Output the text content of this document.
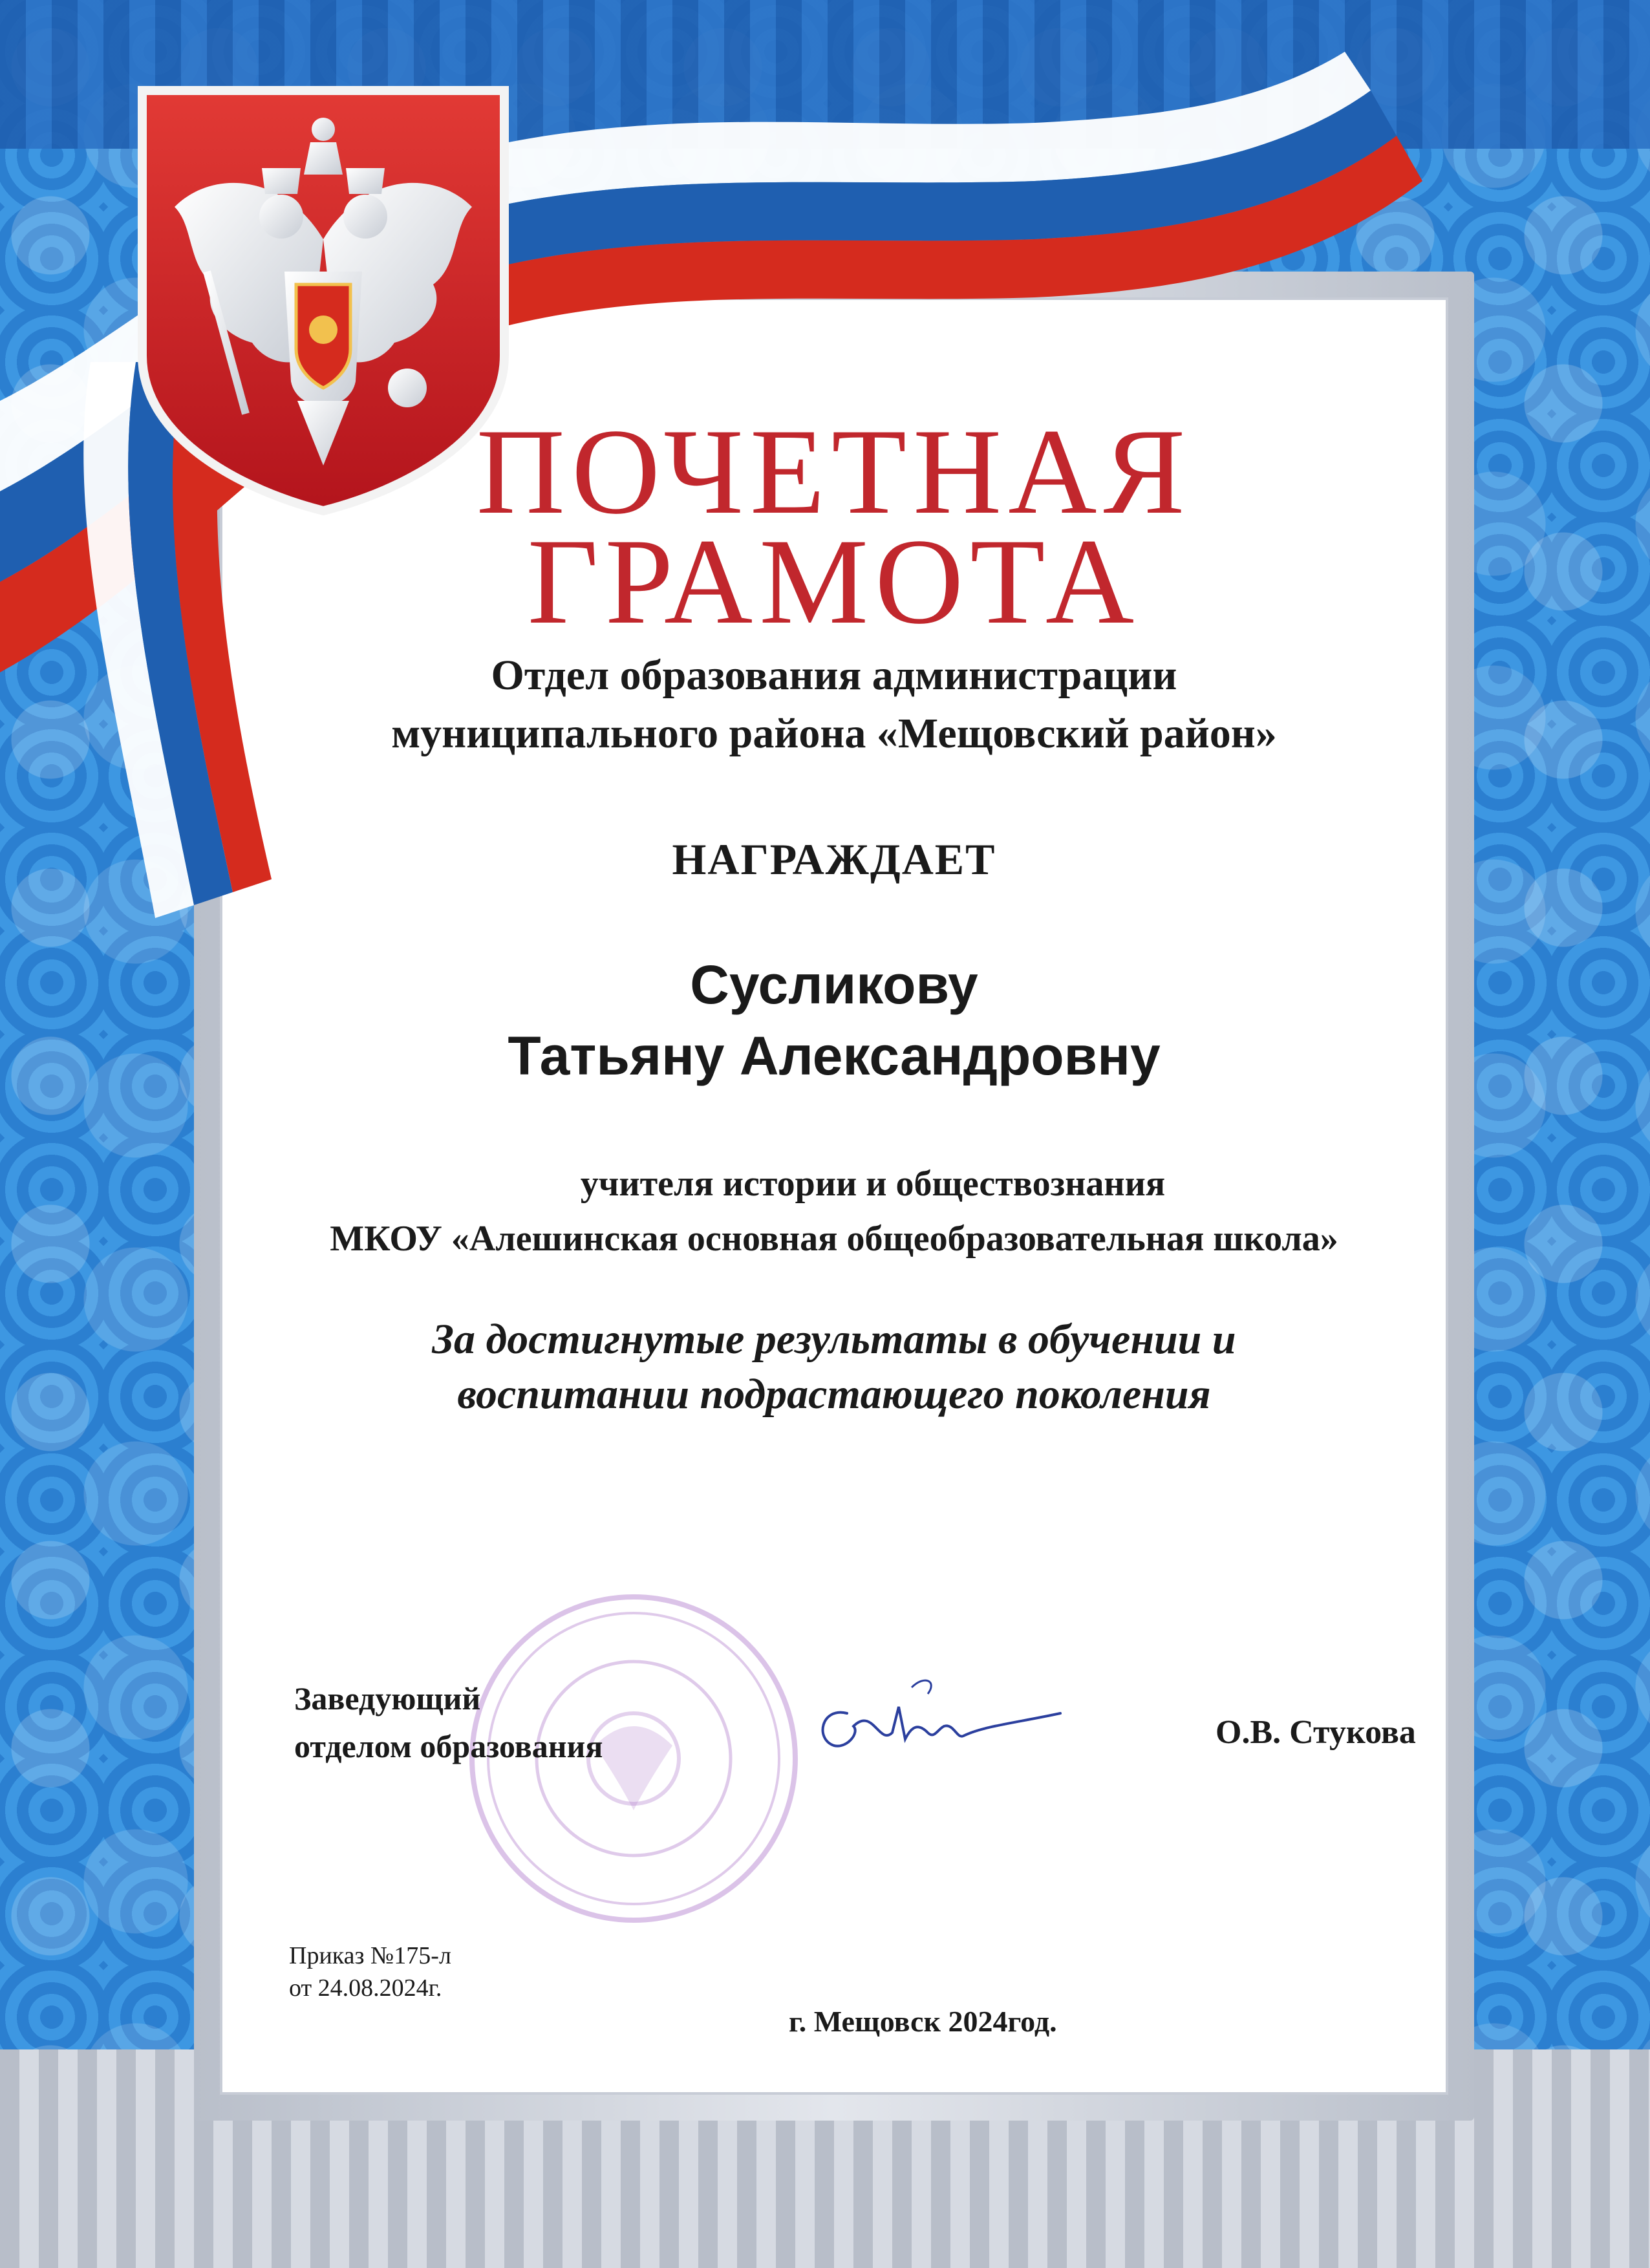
ПОЧЕТНАЯ
ГРАМОТА
Отдел образования администрации
муниципального района «Мещовский район»
НАГРАЖДАЕТ
Сусликову
Татьяну Александровну
учителя истории и обществознания
МКОУ «Алешинская основная общеобразовательная школа»
За достигнутые результаты в обучении и
воспитании подрастающего поколения
Заведующий
отделом образования	О.В. Стукова
Приказ №175-л
от 24.08.2024г.
г. Мещовск 2024год.
